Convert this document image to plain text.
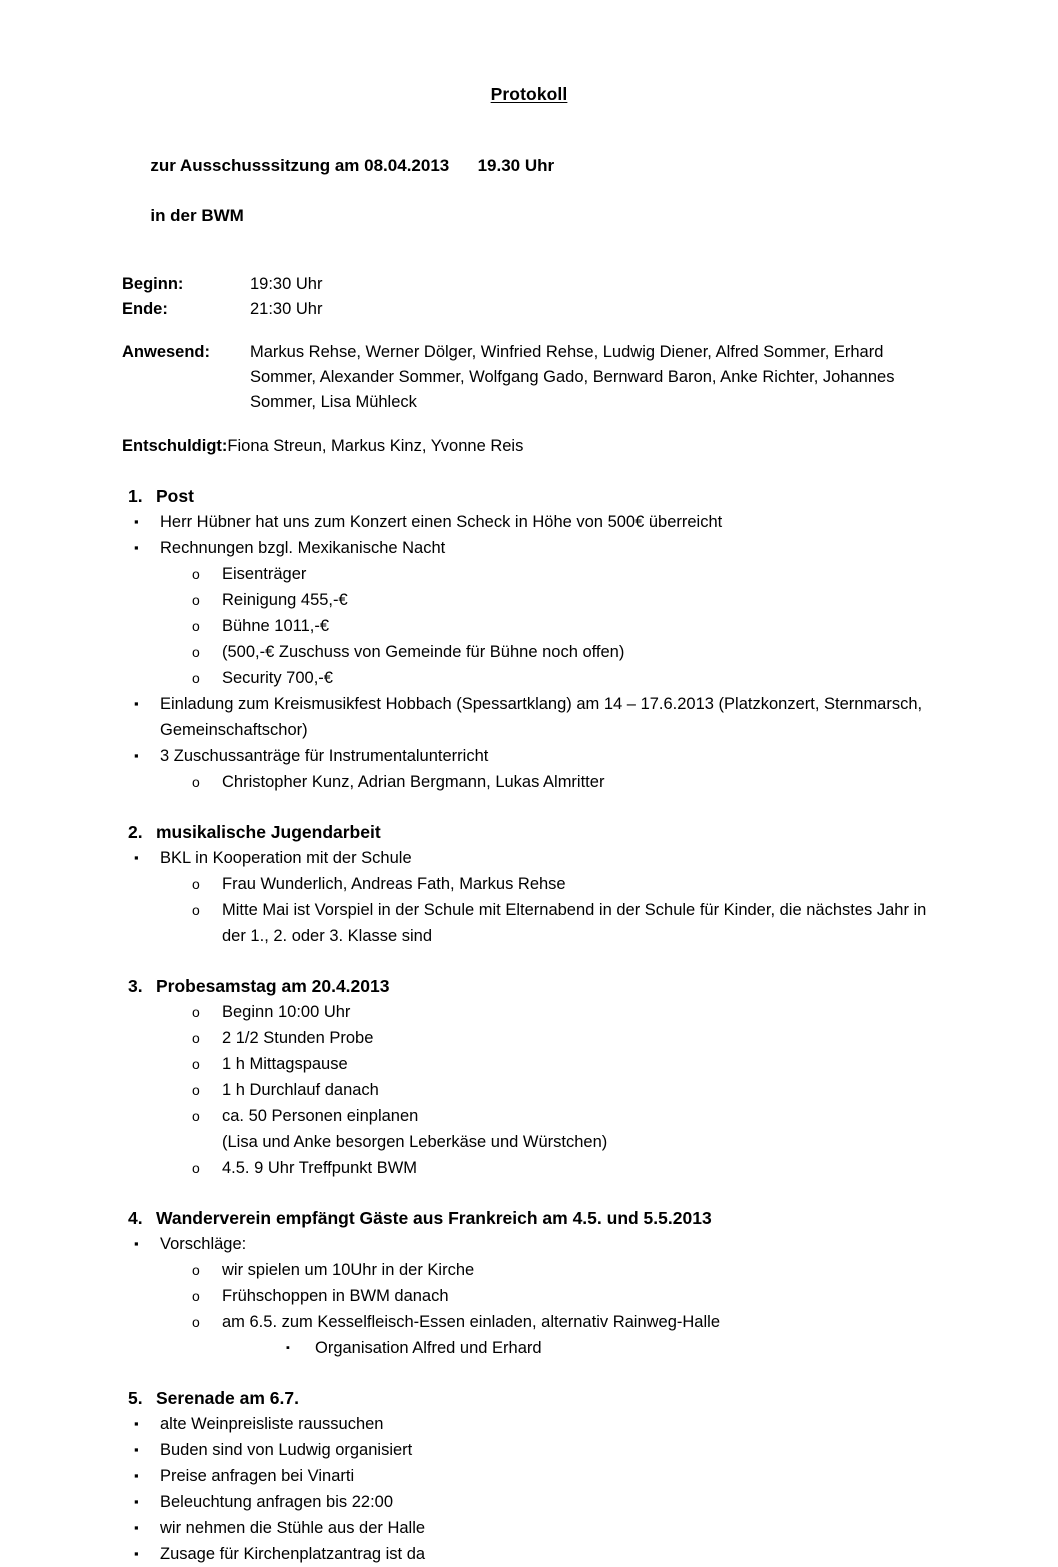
Protokoll

zur Ausschusssitzung am 08.04.2013 19.30 Uhr

in der BWM

Beginn:	19:30 Uhr
Ende:	21:30 Uhr
Anwesend:	Markus Rehse, Werner Dölger, Winfried Rehse, Ludwig Diener, Alfred Sommer, Erhard Sommer, Alexander Sommer, Wolfgang Gado, Bernward Baron, Anke Richter, Johannes Sommer, Lisa Mühleck
Entschuldigt: Fiona Streun, Markus Kinz, Yvonne Reis
1. Post
▪	Herr Hübner hat uns zum Konzert einen Scheck in Höhe von 500€ überreicht
▪	Rechnungen bzgl. Mexikanische Nacht
o Eisenträger
o Reinigung 455,-€
o Bühne 1011,-€
o (500,-€ Zuschuss von Gemeinde für Bühne noch offen)
o Security 700,-€
▪	Einladung zum Kreismusikfest Hobbach (Spessartklang) am 14 – 17.6.2013 (Platzkonzert, Sternmarsch, Gemeinschaftschor)
▪	3 Zuschussanträge für Instrumentalunterricht
o Christopher Kunz, Adrian Bergmann, Lukas Almritter
2. musikalische Jugendarbeit
▪	BKL in Kooperation mit der Schule
o Frau Wunderlich, Andreas Fath, Markus Rehse
o Mitte Mai ist Vorspiel in der Schule mit Elternabend in der Schule für Kinder, die nächstes Jahr in der 1., 2. oder 3. Klasse sind
3. Probesamstag am 20.4.2013
o Beginn 10:00 Uhr
o 2 1/2 Stunden Probe
o 1 h Mittagspause
o 1 h Durchlauf danach
o ca. 50 Personen einplanen
(Lisa und Anke besorgen Leberkäse und Würstchen)
o 4.5. 9 Uhr Treffpunkt BWM
4. Wanderverein empfängt Gäste aus Frankreich am 4.5. und 5.5.2013
▪	Vorschläge:
o wir spielen um 10Uhr in der Kirche
o Frühschoppen in BWM danach
o am 6.5. zum Kesselfleisch-Essen einladen, alternativ Rainweg-Halle
▪ Organisation Alfred und Erhard
5. Serenade am 6.7.
▪	alte Weinpreisliste raussuchen
▪	Buden sind von Ludwig organisiert
▪	Preise anfragen bei Vinarti
▪	Beleuchtung anfragen bis 22:00
▪	wir nehmen die Stühle aus der Halle
▪	Zusage für Kirchenplatzantrag ist da
